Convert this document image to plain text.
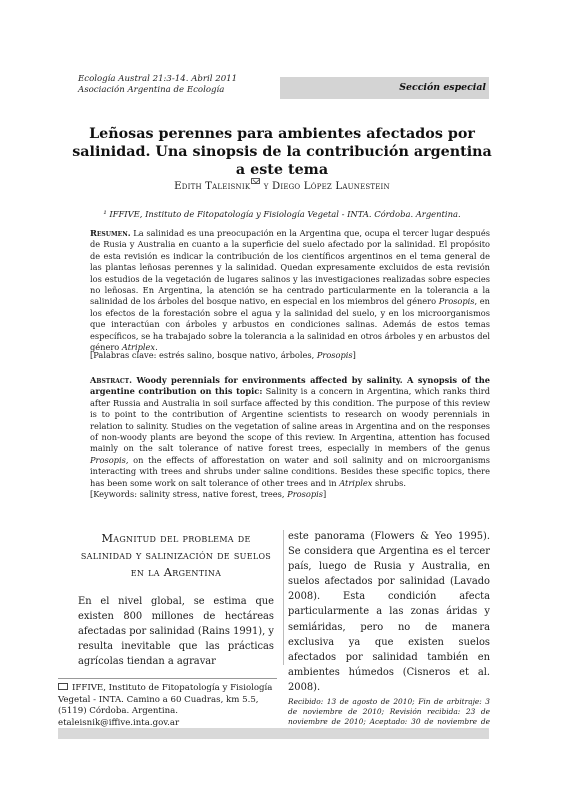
Ecología Austral 21:3-14. Abril 2011
Asociación Argentina de Ecología	Sección especial
Leñosas perennes para ambientes afectados por salinidad. Una sinopsis de la contribución argentina a este tema
Edith Taleisnik y Diego López Launestein
¹ IFFIVE, Instituto de Fitopatología y Fisiología Vegetal - INTA. Córdoba. Argentina.
Resumen. La salinidad es una preocupación en la Argentina que, ocupa el tercer lugar después de Rusia y Australia en cuanto a la superficie del suelo afectado por la salinidad. El propósito de esta revisión es indicar la contribución de los científicos argentinos en el tema general de las plantas leñosas perennes y la salinidad. Quedan expresamente excluidos de esta revisión los estudios de la vegetación de lugares salinos y las investigaciones realizadas sobre especies no leñosas. En Argentina, la atención se ha centrado particularmente en la tolerancia a la salinidad de los árboles del bosque nativo, en especial en los miembros del género Prosopis, en los efectos de la forestación sobre el agua y la salinidad del suelo, y en los microorganismos que interactúan con árboles y arbustos en condiciones salinas. Además de estos temas específicos, se ha trabajado sobre la tolerancia a la salinidad en otros árboles y en arbustos del género Atriplex.
[Palabras clave: estrés salino, bosque nativo, árboles, Prosopis]
Abstract. Woody perennials for environments affected by salinity. A synopsis of the argentine contribution on this topic: Salinity is a concern in Argentina, which ranks third after Russia and Australia in soil surface affected by this condition. The purpose of this review is to point to the contribution of Argentine scientists to research on woody perennials in relation to salinity. Studies on the vegetation of saline areas in Argentina and on the responses of non-woody plants are beyond the scope of this review. In Argentina, attention has focused mainly on the salt tolerance of native forest trees, especially in members of the genus Prosopis, on the effects of afforestation on water and soil salinity and on microorganisms interacting with trees and shrubs under saline conditions. Besides these specific topics, there has been some work on salt tolerance of other trees and in Atriplex shrubs.
[Keywords: salinity stress, native forest, trees, Prosopis]
Magnitud del problema de salinidad y salinización de suelos en la Argentina
En el nivel global, se estima que existen 800 millones de hectáreas afectadas por salinidad (Rains 1991), y resulta inevitable que las prácticas agrícolas tiendan a agravar
este panorama (Flowers & Yeo 1995). Se considera que Argentina es el tercer país, luego de Rusia y Australia, en suelos afectados por salinidad (Lavado 2008). Esta condición afecta particularmente a las zonas áridas y semiáridas, pero no de manera exclusiva ya que existen suelos afectados por salinidad también en ambientes húmedos (Cisneros et al. 2008).
IFFIVE, Instituto de Fitopatología y Fisiología Vegetal - INTA. Camino a 60 Cuadras, km 5.5, (5119) Córdoba. Argentina.
etaleisnik@iffive.inta.gov.ar
Recibido: 13 de agosto de 2010; Fin de arbitraje: 3 de noviembre de 2010; Revisión recibida: 23 de noviembre de 2010; Aceptado: 30 de noviembre de
